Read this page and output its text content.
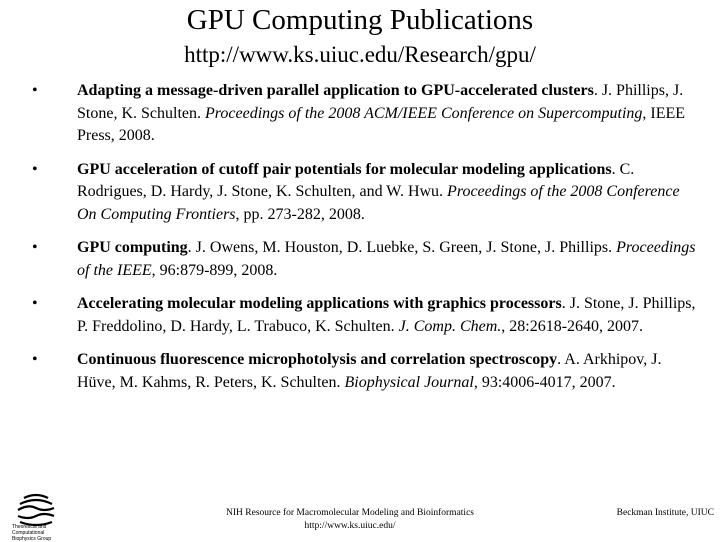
GPU Computing Publications
http://www.ks.uiuc.edu/Research/gpu/
• Adapting a message-driven parallel application to GPU-accelerated clusters. J. Phillips, J. Stone, K. Schulten. Proceedings of the 2008 ACM/IEEE Conference on Supercomputing, IEEE Press, 2008.
• GPU acceleration of cutoff pair potentials for molecular modeling applications. C. Rodrigues, D. Hardy, J. Stone, K. Schulten, and W. Hwu. Proceedings of the 2008 Conference On Computing Frontiers, pp. 273-282, 2008.
• GPU computing. J. Owens, M. Houston, D. Luebke, S. Green, J. Stone, J. Phillips. Proceedings of the IEEE, 96:879-899, 2008.
• Accelerating molecular modeling applications with graphics processors. J. Stone, J. Phillips, P. Freddolino, D. Hardy, L. Trabuco, K. Schulten. J. Comp. Chem., 28:2618-2640, 2007.
• Continuous fluorescence microphotolysis and correlation spectroscopy. A. Arkhipov, J. Hüve, M. Kahms, R. Peters, K. Schulten. Biophysical Journal, 93:4006-4017, 2007.
Theoretical and Computational Biophysics Group
NIH Resource for Macromolecular Modeling and Bioinformatics
http://www.ks.uiuc.edu/
Beckman Institute, UIUC
